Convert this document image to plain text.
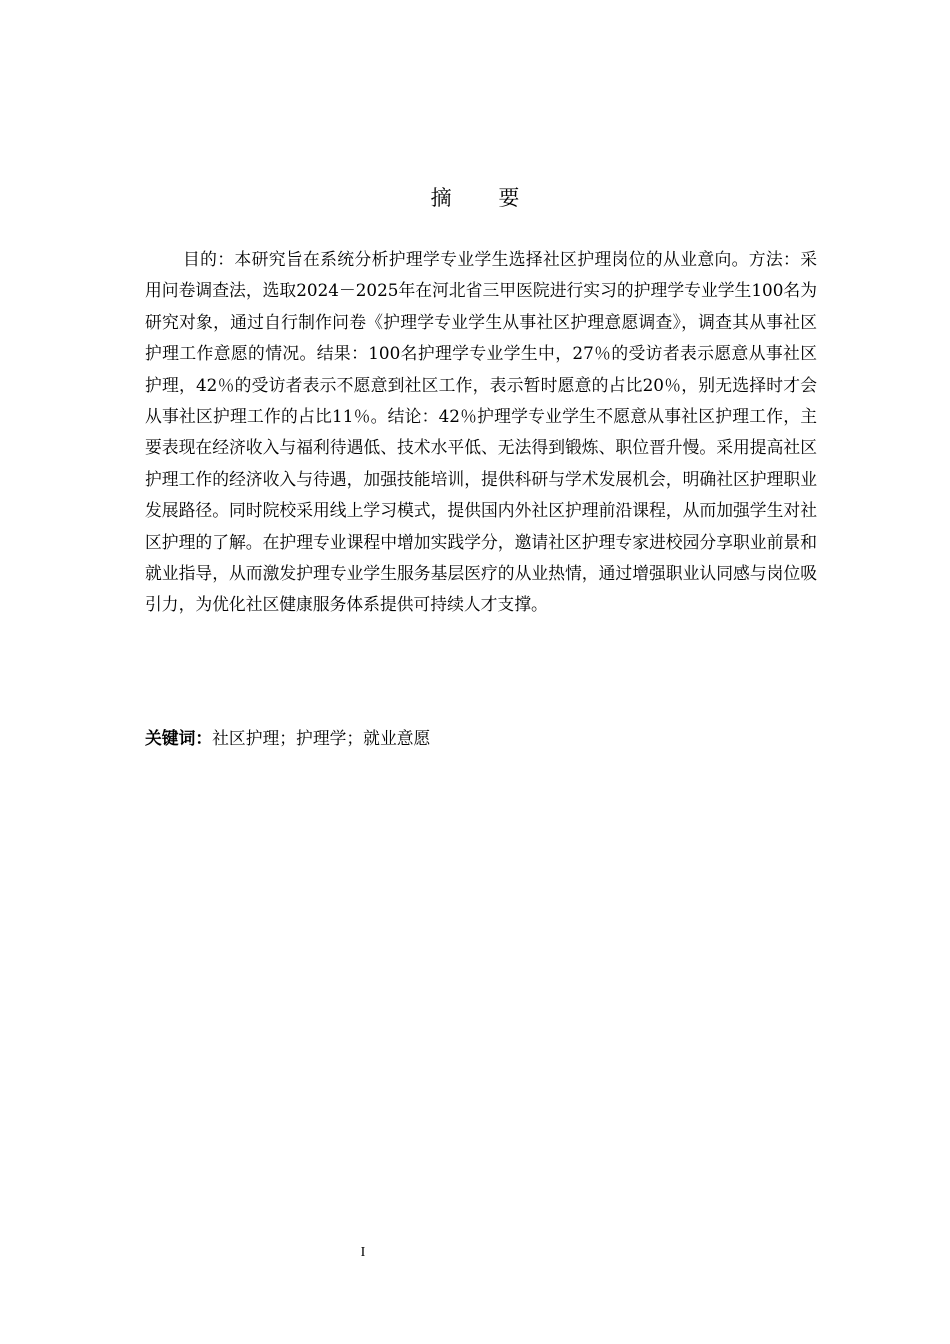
摘 要

目的：本研究旨在系统分析护理学专业学生选择社区护理岗位的从业意向。方法：采用问卷调查法，选取2024－2025年在河北省三甲医院进行实习的护理学专业学生100名为研究对象，通过自行制作问卷《护理学专业学生从事社区护理意愿调查》，调查其从事社区护理工作意愿的情况。结果：100名护理学专业学生中，27％的受访者表示愿意从事社区护理，42％的受访者表示不愿意到社区工作，表示暂时愿意的占比20％，别无选择时才会从事社区护理工作的占比11％。结论：42％护理学专业学生不愿意从事社区护理工作，主要表现在经济收入与福利待遇低、技术水平低、无法得到锻炼、职位晋升慢。采用提高社区护理工作的经济收入与待遇，加强技能培训，提供科研与学术发展机会，明确社区护理职业发展路径。同时院校采用线上学习模式，提供国内外社区护理前沿课程，从而加强学生对社区护理的了解。在护理专业课程中增加实践学分，邀请社区护理专家进校园分享职业前景和就业指导，从而激发护理专业学生服务基层医疗的从业热情，通过增强职业认同感与岗位吸引力，为优化社区健康服务体系提供可持续人才支撑。

关键词：社区护理；护理学；就业意愿

I
